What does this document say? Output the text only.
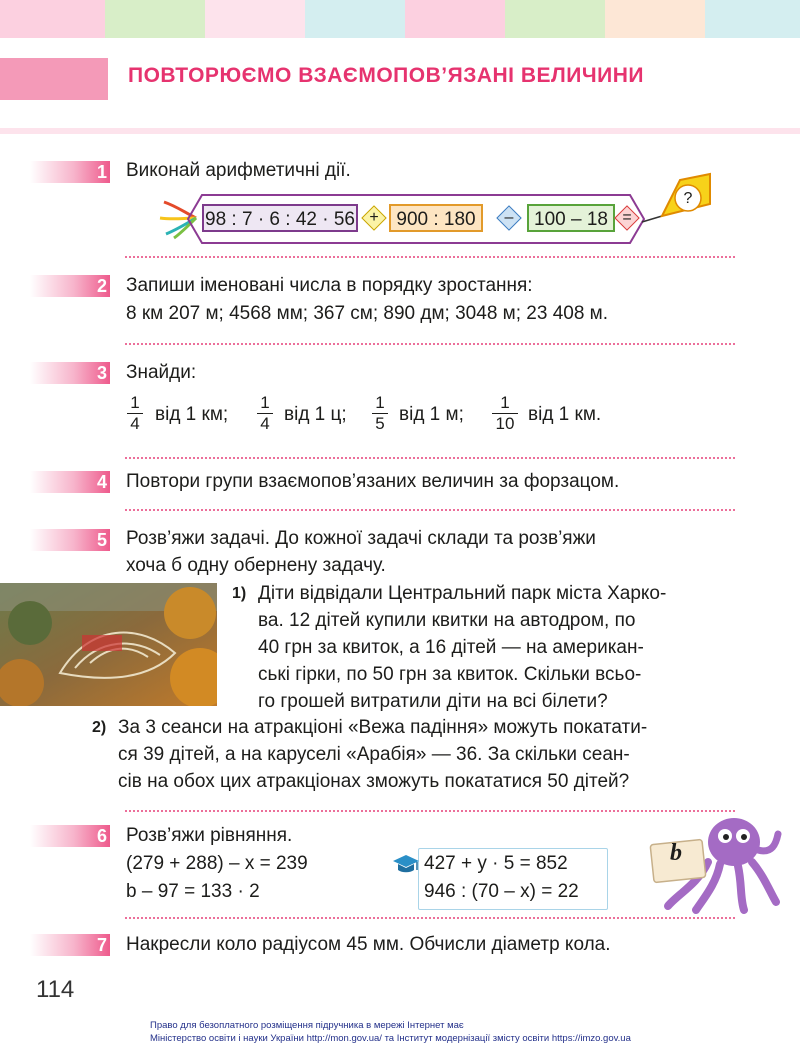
ПОВТОРЮЄМО ВЗАЄМОПОВ’ЯЗАНІ ВЕЛИЧИНИ
1 Виконай арифметичні дії.
98 : 7 · 6 : 42 · 56 + 900 : 180	–	100 – 18 =
?
2 Запиши іменовані числа в порядку зростання:
8 км 207 м; 4568 мм; 367 см; 890 дм; 3048 м; 23 408 м.
3 Знайди:
$\frac{1}{4}$ від 1 км; $\frac{1}{4}$ від 1 ц; $\frac{1}{5}$ від 1 м; $\frac{1}{10}$ від 1 км.
4 Повтори групи взаємопов’язаних величин за форзацом.
5 Розв’яжи задачі. До кожної задачі склади та розв’яжи
хоча б одну обернену задачу.
1) Діти відвідали Центральний парк міста Харко-
ва. 12 дітей купили квитки на автодром, по
40 грн за квиток, а 16 дітей — на американ-
ські гірки, по 50 грн за квиток. Скільки всьо-
го грошей витратили діти на всі білети?
2) За 3 сеанси на атракціоні «Вежа падіння» можуть покатати-
ся 39 дітей, а на каруселі «Арабія» — 36. За скільки сеан-
сів на обох цих атракціонах зможуть покататися 50 дітей?
6 Розв’яжи рівняння.
(279 + 288) – x = 239
b – 97 = 133 · 2
427 + y · 5 = 852
946 : (70 – x) = 22
b
7 Накресли коло радіусом 45 мм. Обчисли діаметр кола.
114
Право для безоплатного розміщення підручника в мережі Інтернет має
Міністерство освіти і науки України http://mon.gov.ua/ та Інститут модернізації змісту освіти https://imzo.gov.ua
